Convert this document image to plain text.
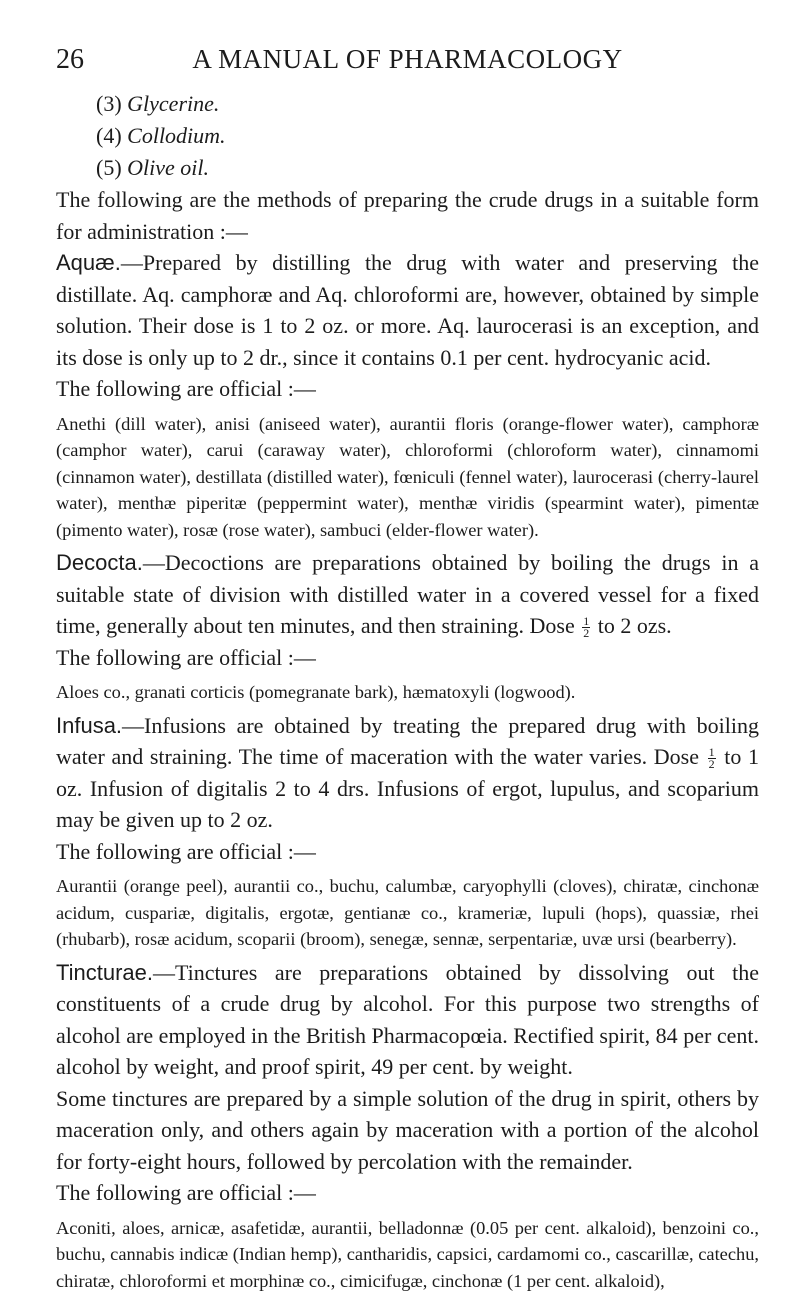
26	A MANUAL OF PHARMACOLOGY
(3) Glycerine.
(4) Collodium.
(5) Olive oil.

The following are the methods of preparing the crude drugs in a suitable form for administration :—

Aquæ.—Prepared by distilling the drug with water and preserving the distillate. Aq. camphoræ and Aq. chloroformi are, however, obtained by simple solution. Their dose is 1 to 2 oz. or more. Aq. laurocerasi is an exception, and its dose is only up to 2 dr., since it contains 0.1 per cent. hydrocyanic acid.

The following are official :—

Anethi (dill water), anisi (aniseed water), aurantii floris (orange-flower water), camphoræ (camphor water), carui (caraway water), chloroformi (chloroform water), cinnamomi (cinnamon water), destillata (distilled water), fœniculi (fennel water), laurocerasi (cherry-laurel water), menthæ piperitæ (peppermint water), menthæ viridis (spearmint water), pimentæ (pimento water), rosæ (rose water), sambuci (elder-flower water).

Decocta.—Decoctions are preparations obtained by boiling the drugs in a suitable state of division with distilled water in a covered vessel for a fixed time, generally about ten minutes, and then straining. Dose $\frac{1}{2}$ to 2 ozs.

The following are official :—

Aloes co., granati corticis (pomegranate bark), hæmatoxyli (logwood).

Infusa.—Infusions are obtained by treating the prepared drug with boiling water and straining. The time of maceration with the water varies. Dose $\frac{1}{2}$ to 1 oz. Infusion of digitalis 2 to 4 drs. Infusions of ergot, lupulus, and scoparium may be given up to 2 oz.

The following are official :—

Aurantii (orange peel), aurantii co., buchu, calumbæ, caryophylli (cloves), chiratæ, cinchonæ acidum, cuspariæ, digitalis, ergotæ, gentianæ co., krameriæ, lupuli (hops), quassiæ, rhei (rhubarb), rosæ acidum, scoparii (broom), senegæ, sennæ, serpentariæ, uvæ ursi (bearberry).

Tincturae.—Tinctures are preparations obtained by dissolving out the constituents of a crude drug by alcohol. For this purpose two strengths of alcohol are employed in the British Pharmacopœia. Rectified spirit, 84 per cent. alcohol by weight, and proof spirit, 49 per cent. by weight.

Some tinctures are prepared by a simple solution of the drug in spirit, others by maceration only, and others again by maceration with a portion of the alcohol for forty-eight hours, followed by percolation with the remainder.

The following are official :—

Aconiti, aloes, arnicæ, asafetidæ, aurantii, belladonnæ (0.05 per cent. alkaloid), benzoini co., buchu, cannabis indicæ (Indian hemp), cantharidis, capsici, cardamomi co., cascarillæ, catechu, chiratæ, chloroformi et morphinæ co., cimicifugæ, cinchonæ (1 per cent. alkaloid),
